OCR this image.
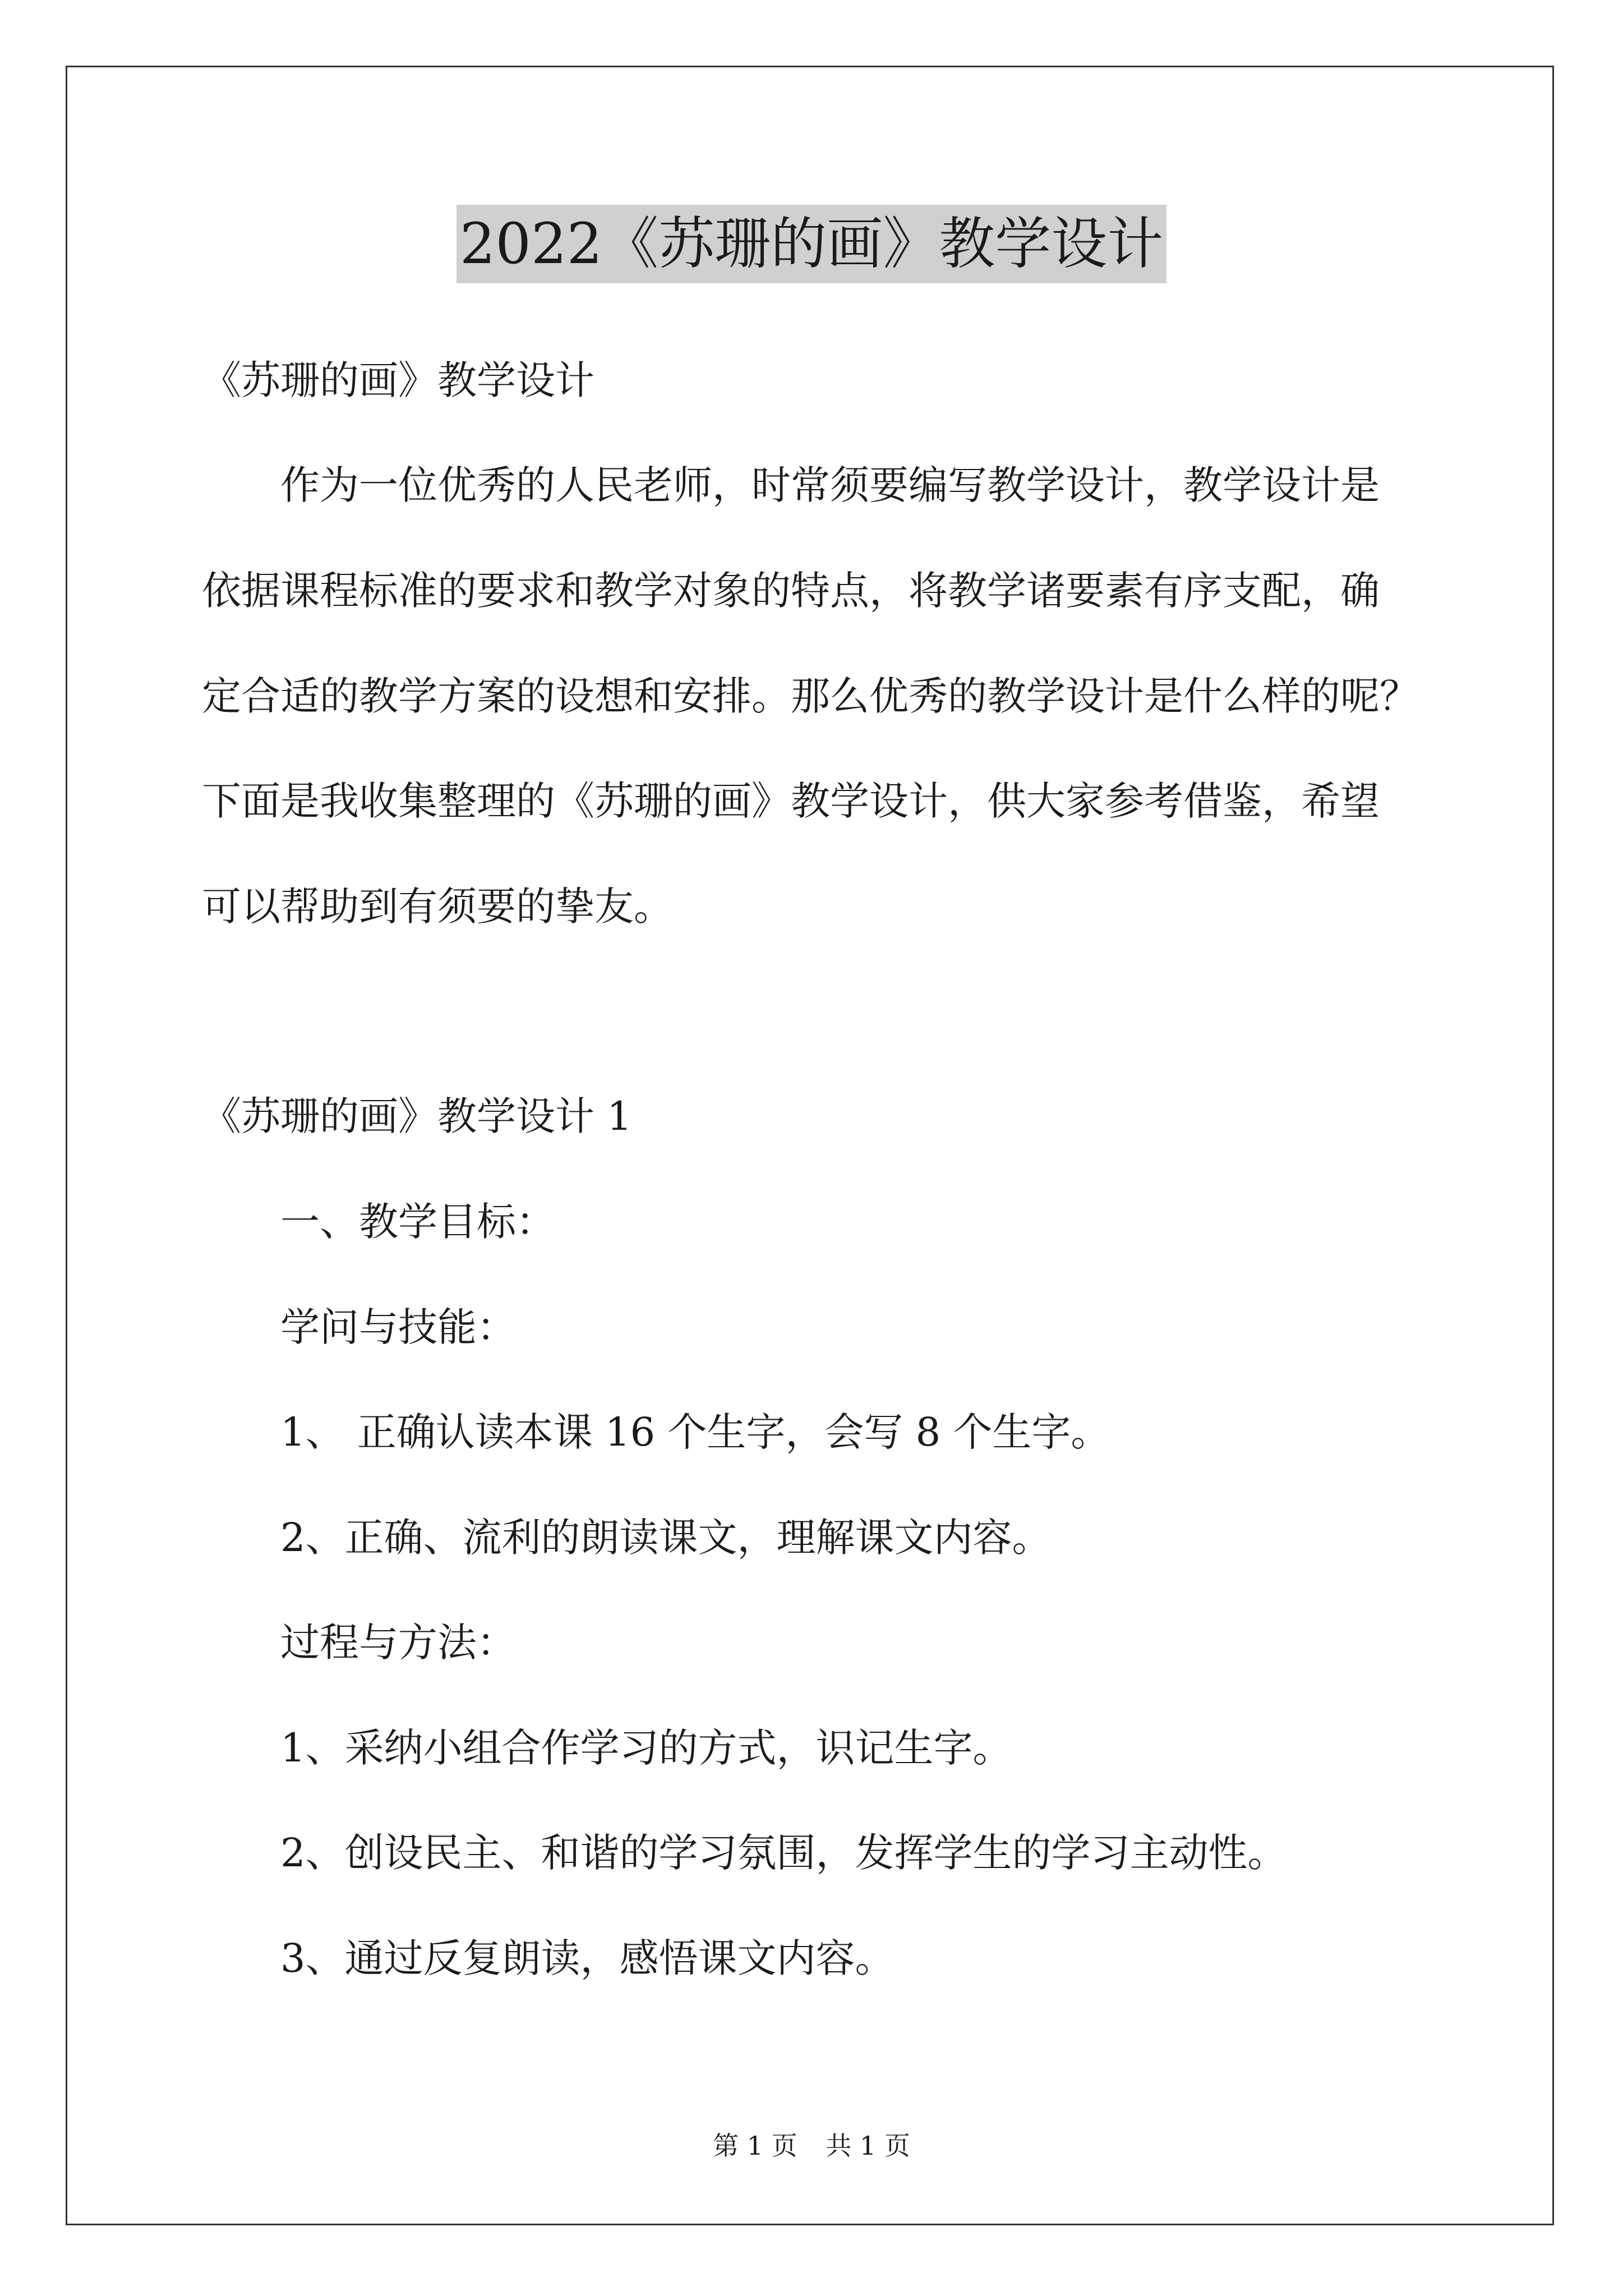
2022《苏珊的画》教学设计
《苏珊的画》教学设计
作为一位优秀的人民老师，时常须要编写教学设计，教学设计是
依据课程标准的要求和教学对象的特点，将教学诸要素有序支配，确
定合适的教学方案的设想和安排。那么优秀的教学设计是什么样的呢？
下面是我收集整理的《苏珊的画》教学设计，供大家参考借鉴，希望
可以帮助到有须要的挚友。
《苏珊的画》教学设计 1
一、教学目标：
学问与技能：
1、 正确认读本课 16 个生字，会写 8 个生字。
2、正确、流利的朗读课文，理解课文内容。
过程与方法：
1、采纳小组合作学习的方式，识记生字。
2、创设民主、和谐的学习氛围，发挥学生的学习主动性。
3、通过反复朗读，感悟课文内容。
第 1 页 共 1 页
